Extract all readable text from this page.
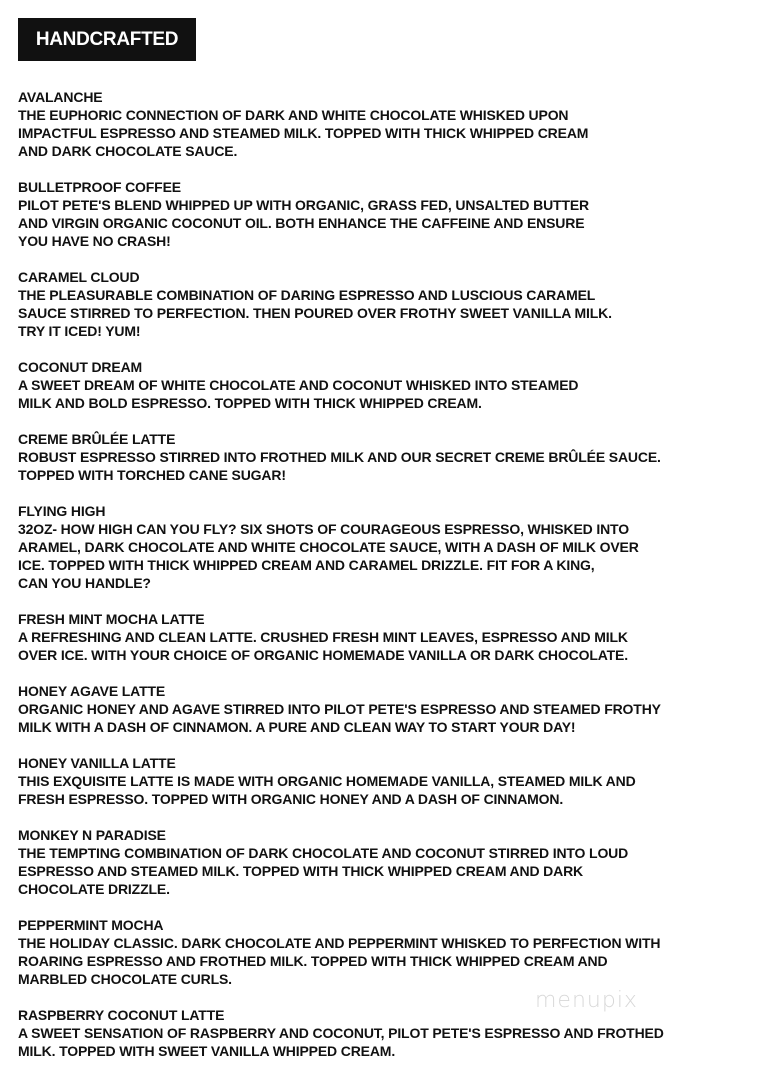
HANDCRAFTED
AVALANCHE
THE EUPHORIC CONNECTION OF DARK AND WHITE CHOCOLATE WHISKED UPON
IMPACTFUL ESPRESSO AND STEAMED MILK. TOPPED WITH THICK WHIPPED CREAM
AND DARK CHOCOLATE SAUCE.
BULLETPROOF COFFEE
PILOT PETE'S BLEND WHIPPED UP WITH ORGANIC, GRASS FED, UNSALTED BUTTER
AND VIRGIN ORGANIC COCONUT OIL. BOTH ENHANCE THE CAFFEINE AND ENSURE
YOU HAVE NO CRASH!
CARAMEL CLOUD
THE PLEASURABLE COMBINATION OF DARING ESPRESSO AND LUSCIOUS CARAMEL
SAUCE STIRRED TO PERFECTION. THEN POURED OVER FROTHY SWEET VANILLA MILK.
TRY IT ICED! YUM!
COCONUT DREAM
A SWEET DREAM OF WHITE CHOCOLATE AND COCONUT WHISKED INTO STEAMED
MILK AND BOLD ESPRESSO. TOPPED WITH THICK WHIPPED CREAM.
CREME BRÛLÉE LATTE
ROBUST ESPRESSO STIRRED INTO FROTHED MILK AND OUR SECRET CREME BRÛLÉE SAUCE.
TOPPED WITH TORCHED CANE SUGAR!
FLYING HIGH
32OZ- HOW HIGH CAN YOU FLY? SIX SHOTS OF COURAGEOUS ESPRESSO, WHISKED INTO
ARAMEL, DARK CHOCOLATE AND WHITE CHOCOLATE SAUCE, WITH A DASH OF MILK OVER
ICE. TOPPED WITH THICK WHIPPED CREAM AND CARAMEL DRIZZLE. FIT FOR A KING,
CAN YOU HANDLE?
FRESH MINT MOCHA LATTE
A REFRESHING AND CLEAN LATTE. CRUSHED FRESH MINT LEAVES, ESPRESSO AND MILK
OVER ICE. WITH YOUR CHOICE OF ORGANIC HOMEMADE VANILLA OR DARK CHOCOLATE.
HONEY AGAVE LATTE
ORGANIC HONEY AND AGAVE STIRRED INTO PILOT PETE'S ESPRESSO AND STEAMED FROTHY
MILK WITH A DASH OF CINNAMON. A PURE AND CLEAN WAY TO START YOUR DAY!
HONEY VANILLA LATTE
THIS EXQUISITE LATTE IS MADE WITH ORGANIC HOMEMADE VANILLA, STEAMED MILK AND
FRESH ESPRESSO. TOPPED WITH ORGANIC HONEY AND A DASH OF CINNAMON.
MONKEY N PARADISE
THE TEMPTING COMBINATION OF DARK CHOCOLATE AND COCONUT STIRRED INTO LOUD
ESPRESSO AND STEAMED MILK. TOPPED WITH THICK WHIPPED CREAM AND DARK
CHOCOLATE DRIZZLE.
PEPPERMINT MOCHA
THE HOLIDAY CLASSIC. DARK CHOCOLATE AND PEPPERMINT WHISKED TO PERFECTION WITH
ROARING ESPRESSO AND FROTHED MILK. TOPPED WITH THICK WHIPPED CREAM AND
MARBLED CHOCOLATE CURLS.
RASPBERRY COCONUT LATTE
A SWEET SENSATION OF RASPBERRY AND COCONUT, PILOT PETE'S ESPRESSO AND FROTHED
MILK. TOPPED WITH SWEET VANILLA WHIPPED CREAM.
menupix
